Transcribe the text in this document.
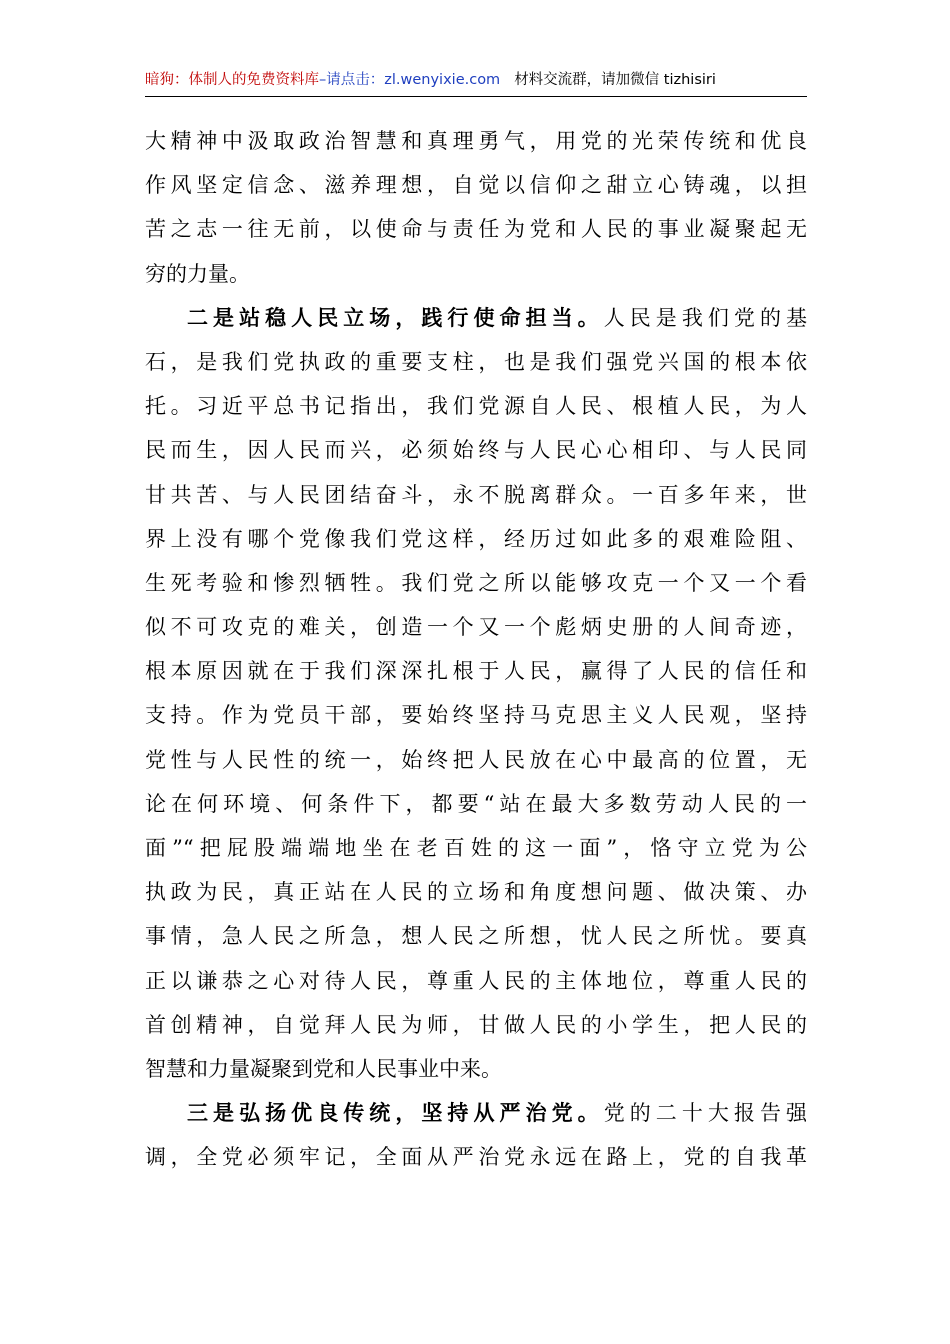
暗狗：体制人的免费资料库–请点击：zl.wenyixie.com 材料交流群，请加微信 tizhisiri
大精神中汲取政治智慧和真理勇气，用党的光荣传统和优良
作风坚定信念、滋养理想，自觉以信仰之甜立心铸魂，以担
苦之志一往无前，以使命与责任为党和人民的事业凝聚起无
穷的力量。
二是站稳人民立场，践行使命担当。人民是我们党的基
石，是我们党执政的重要支柱，也是我们强党兴国的根本依
托。习近平总书记指出，我们党源自人民、根植人民，为人
民而生，因人民而兴，必须始终与人民心心相印、与人民同
甘共苦、与人民团结奋斗，永不脱离群众。一百多年来，世
界上没有哪个党像我们党这样，经历过如此多的艰难险阻、
生死考验和惨烈牺牲。我们党之所以能够攻克一个又一个看
似不可攻克的难关，创造一个又一个彪炳史册的人间奇迹，
根本原因就在于我们深深扎根于人民，赢得了人民的信任和
支持。作为党员干部，要始终坚持马克思主义人民观，坚持
党性与人民性的统一，始终把人民放在心中最高的位置，无
论在何环境、何条件下，都要“站在最大多数劳动人民的一
面”“把屁股端端地坐在老百姓的这一面”，恪守立党为公
执政为民，真正站在人民的立场和角度想问题、做决策、办
事情，急人民之所急，想人民之所想，忧人民之所忧。要真
正以谦恭之心对待人民，尊重人民的主体地位，尊重人民的
首创精神，自觉拜人民为师，甘做人民的小学生，把人民的
智慧和力量凝聚到党和人民事业中来。
三是弘扬优良传统，坚持从严治党。党的二十大报告强
调，全党必须牢记，全面从严治党永远在路上，党的自我革
